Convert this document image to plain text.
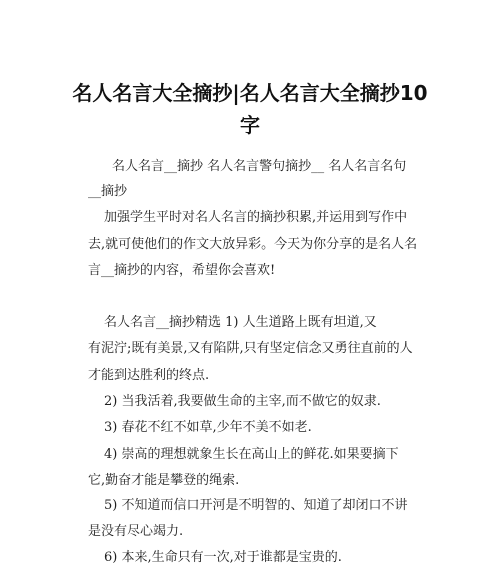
名人名言大全摘抄|名人名言大全摘抄10
字
名人名言__摘抄 名人名言警句摘抄__ 名人名言名句
__摘抄
加强学生平时对名人名言的摘抄积累,并运用到写作中
去,就可使他们的作文大放异彩。今天为你分享的是名人名
言__摘抄的内容，希望你会喜欢!
名人名言__摘抄精选 1) 人生道路上既有坦道,又
有泥泞;既有美景,又有陷阱,只有坚定信念又勇往直前的人
才能到达胜利的终点.
2) 当我活着,我要做生命的主宰,而不做它的奴隶.
3) 春花不红不如草,少年不美不如老.
4) 崇高的理想就象生长在高山上的鲜花.如果要摘下
它,勤奋才能是攀登的绳索.
5) 不知道而信口开河是不明智的、知道了却闭口不讲
是没有尽心竭力.
6) 本来,生命只有一次,对于谁都是宝贵的.
